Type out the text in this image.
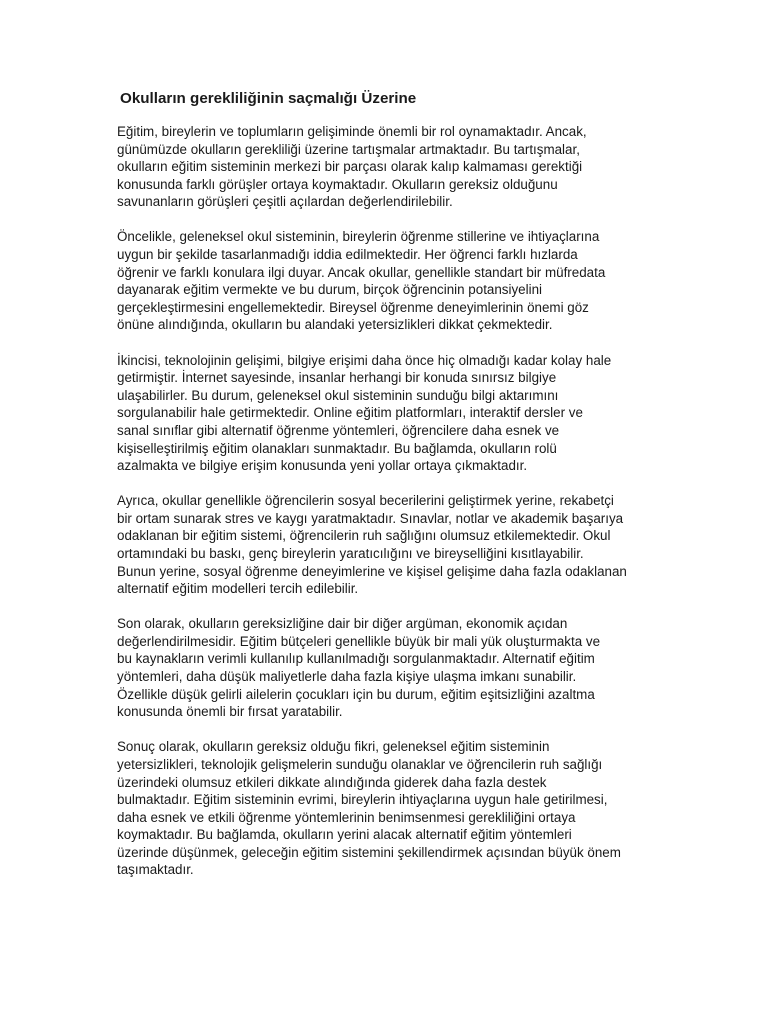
Okulların gerekliliğinin saçmalığı Üzerine

Eğitim, bireylerin ve toplumların gelişiminde önemli bir rol oynamaktadır. Ancak,
günümüzde okulların gerekliliği üzerine tartışmalar artmaktadır. Bu tartışmalar,
okulların eğitim sisteminin merkezi bir parçası olarak kalıp kalmaması gerektiği
konusunda farklı görüşler ortaya koymaktadır. Okulların gereksiz olduğunu
savunanların görüşleri çeşitli açılardan değerlendirilebilir.

Öncelikle, geleneksel okul sisteminin, bireylerin öğrenme stillerine ve ihtiyaçlarına
uygun bir şekilde tasarlanmadığı iddia edilmektedir. Her öğrenci farklı hızlarda
öğrenir ve farklı konulara ilgi duyar. Ancak okullar, genellikle standart bir müfredata
dayanarak eğitim vermekte ve bu durum, birçok öğrencinin potansiyelini
gerçekleştirmesini engellemektedir. Bireysel öğrenme deneyimlerinin önemi göz
önüne alındığında, okulların bu alandaki yetersizlikleri dikkat çekmektedir.

İkincisi, teknolojinin gelişimi, bilgiye erişimi daha önce hiç olmadığı kadar kolay hale
getirmiştir. İnternet sayesinde, insanlar herhangi bir konuda sınırsız bilgiye
ulaşabilirler. Bu durum, geleneksel okul sisteminin sunduğu bilgi aktarımını
sorgulanabilir hale getirmektedir. Online eğitim platformları, interaktif dersler ve
sanal sınıflar gibi alternatif öğrenme yöntemleri, öğrencilere daha esnek ve
kişiselleştirilmiş eğitim olanakları sunmaktadır. Bu bağlamda, okulların rolü
azalmakta ve bilgiye erişim konusunda yeni yollar ortaya çıkmaktadır.

Ayrıca, okullar genellikle öğrencilerin sosyal becerilerini geliştirmek yerine, rekabetçi
bir ortam sunarak stres ve kaygı yaratmaktadır. Sınavlar, notlar ve akademik başarıya
odaklanan bir eğitim sistemi, öğrencilerin ruh sağlığını olumsuz etkilemektedir. Okul
ortamındaki bu baskı, genç bireylerin yaratıcılığını ve bireyselliğini kısıtlayabilir.
Bunun yerine, sosyal öğrenme deneyimlerine ve kişisel gelişime daha fazla odaklanan
alternatif eğitim modelleri tercih edilebilir.

Son olarak, okulların gereksizliğine dair bir diğer argüman, ekonomik açıdan
değerlendirilmesidir. Eğitim bütçeleri genellikle büyük bir mali yük oluşturmakta ve
bu kaynakların verimli kullanılıp kullanılmadığı sorgulanmaktadır. Alternatif eğitim
yöntemleri, daha düşük maliyetlerle daha fazla kişiye ulaşma imkanı sunabilir.
Özellikle düşük gelirli ailelerin çocukları için bu durum, eğitim eşitsizliğini azaltma
konusunda önemli bir fırsat yaratabilir.

Sonuç olarak, okulların gereksiz olduğu fikri, geleneksel eğitim sisteminin
yetersizlikleri, teknolojik gelişmelerin sunduğu olanaklar ve öğrencilerin ruh sağlığı
üzerindeki olumsuz etkileri dikkate alındığında giderek daha fazla destek
bulmaktadır. Eğitim sisteminin evrimi, bireylerin ihtiyaçlarına uygun hale getirilmesi,
daha esnek ve etkili öğrenme yöntemlerinin benimsenmesi gerekliliğini ortaya
koymaktadır. Bu bağlamda, okulların yerini alacak alternatif eğitim yöntemleri
üzerinde düşünmek, geleceğin eğitim sistemini şekillendirmek açısından büyük önem
taşımaktadır.
